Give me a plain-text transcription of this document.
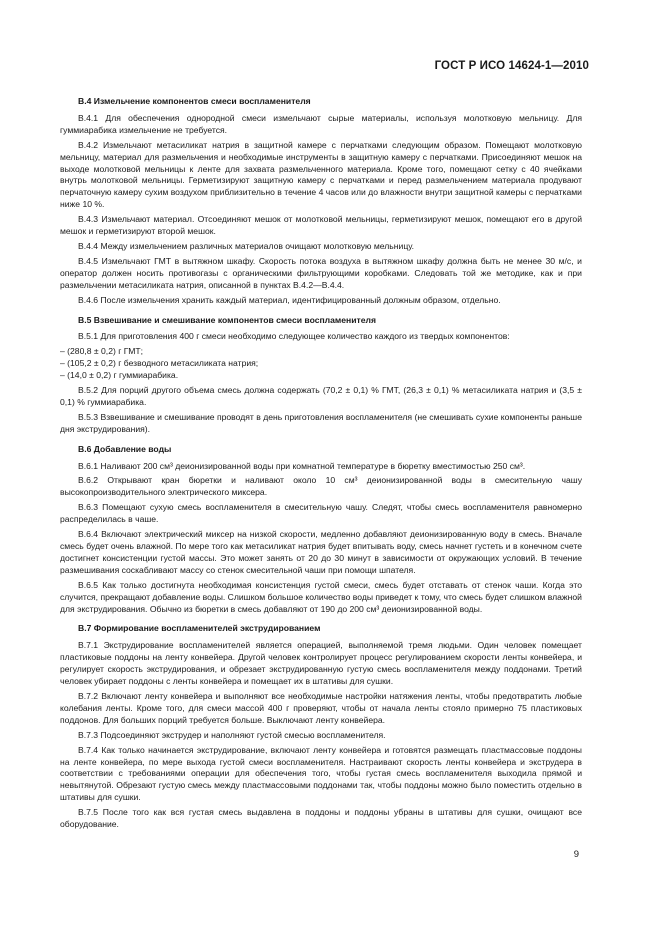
ГОСТ Р ИСО 14624-1—2010
B.4 Измельчение компонентов смеси воспламенителя
B.4.1 Для обеспечения однородной смеси измельчают сырые материалы, используя молотковую мельницу. Для гуммиарабика измельчение не требуется.
B.4.2 Измельчают метасиликат натрия в защитной камере с перчатками следующим образом. Помещают молотковую мельницу, материал для размельчения и необходимые инструменты в защитную камеру с перчатками. Присоединяют мешок на выходе молотковой мельницы к ленте для захвата размельченного материала. Кроме того, помещают сетку с 40 ячейками внутрь молотковой мельницы. Герметизируют защитную камеру с перчатками и перед размельчением материала продувают перчаточную камеру сухим воздухом приблизительно в течение 4 часов или до влажности внутри защитной камеры с перчатками ниже 10 %.
B.4.3 Измельчают материал. Отсоединяют мешок от молотковой мельницы, герметизируют мешок, помещают его в другой мешок и герметизируют второй мешок.
B.4.4 Между измельчением различных материалов очищают молотковую мельницу.
B.4.5 Измельчают ГМТ в вытяжном шкафу. Скорость потока воздуха в вытяжном шкафу должна быть не менее 30 м/с, и оператор должен носить противогазы с органическими фильтрующими коробками. Следовать той же методике, как и при размельчении метасиликата натрия, описанной в пунктах B.4.2—B.4.4.
B.4.6 После измельчения хранить каждый материал, идентифицированный должным образом, отдельно.
B.5 Взвешивание и смешивание компонентов смеси воспламенителя
B.5.1 Для приготовления 400 г смеси необходимо следующее количество каждого из твердых компонентов:
– (280,8 ± 0,2) г ГМТ;
– (105,2 ± 0,2) г безводного метасиликата натрия;
– (14,0 ± 0,2) г гуммиарабика.
B.5.2 Для порций другого объема смесь должна содержать (70,2 ± 0,1) % ГМТ, (26,3 ± 0,1) % метасиликата натрия и (3,5 ± 0,1) % гуммиарабика.
B.5.3 Взвешивание и смешивание проводят в день приготовления воспламенителя (не смешивать сухие компоненты раньше дня экструдирования).
B.6 Добавление воды
B.6.1 Наливают 200 см³ деионизированной воды при комнатной температуре в бюретку вместимостью 250 см³.
B.6.2 Открывают кран бюретки и наливают около 10 см³ деионизированной воды в смесительную чашу высокопроизводительного электрического миксера.
B.6.3 Помещают сухую смесь воспламенителя в смесительную чашу. Следят, чтобы смесь воспламенителя равномерно распределилась в чаше.
B.6.4 Включают электрический миксер на низкой скорости, медленно добавляют деионизированную воду в смесь. Вначале смесь будет очень влажной. По мере того как метасиликат натрия будет впитывать воду, смесь начнет густеть и в конечном счете достигнет консистенции густой массы. Это может занять от 20 до 30 минут в зависимости от окружающих условий. В течение размешивания соскабливают массу со стенок смесительной чаши при помощи шпателя.
B.6.5 Как только достигнута необходимая консистенция густой смеси, смесь будет отставать от стенок чаши. Когда это случится, прекращают добавление воды. Слишком большое количество воды приведет к тому, что смесь будет слишком влажной для экструдирования. Обычно из бюретки в смесь добавляют от 190 до 200 см³ деионизированной воды.
B.7 Формирование воспламенителей экструдированием
B.7.1 Экструдирование воспламенителей является операцией, выполняемой тремя людьми. Один человек помещает пластиковые поддоны на ленту конвейера. Другой человек контролирует процесс регулированием скорости ленты конвейера, и регулирует скорость экструдирования, и обрезает экструдированную густую смесь воспламенителя между поддонами. Третий человек убирает поддоны с ленты конвейера и помещает их в штативы для сушки.
B.7.2 Включают ленту конвейера и выполняют все необходимые настройки натяжения ленты, чтобы предотвратить любые колебания ленты. Кроме того, для смеси массой 400 г проверяют, чтобы от начала ленты стояло примерно 75 пластиковых поддонов. Для больших порций требуется больше. Выключают ленту конвейера.
B.7.3 Подсоединяют экструдер и наполняют густой смесью воспламенителя.
B.7.4 Как только начинается экструдирование, включают ленту конвейера и готовятся размещать пластмассовые поддоны на ленте конвейера, по мере выхода густой смеси воспламенителя. Настраивают скорость ленты конвейера и экструдера в соответствии с требованиями операции для обеспечения того, чтобы густая смесь воспламенителя выходила прямой и невытянутой. Обрезают густую смесь между пластмассовыми поддонами так, чтобы поддоны можно было поместить отдельно в штативы для сушки.
B.7.5 После того как вся густая смесь выдавлена в поддоны и поддоны убраны в штативы для сушки, очищают все оборудование.
9
